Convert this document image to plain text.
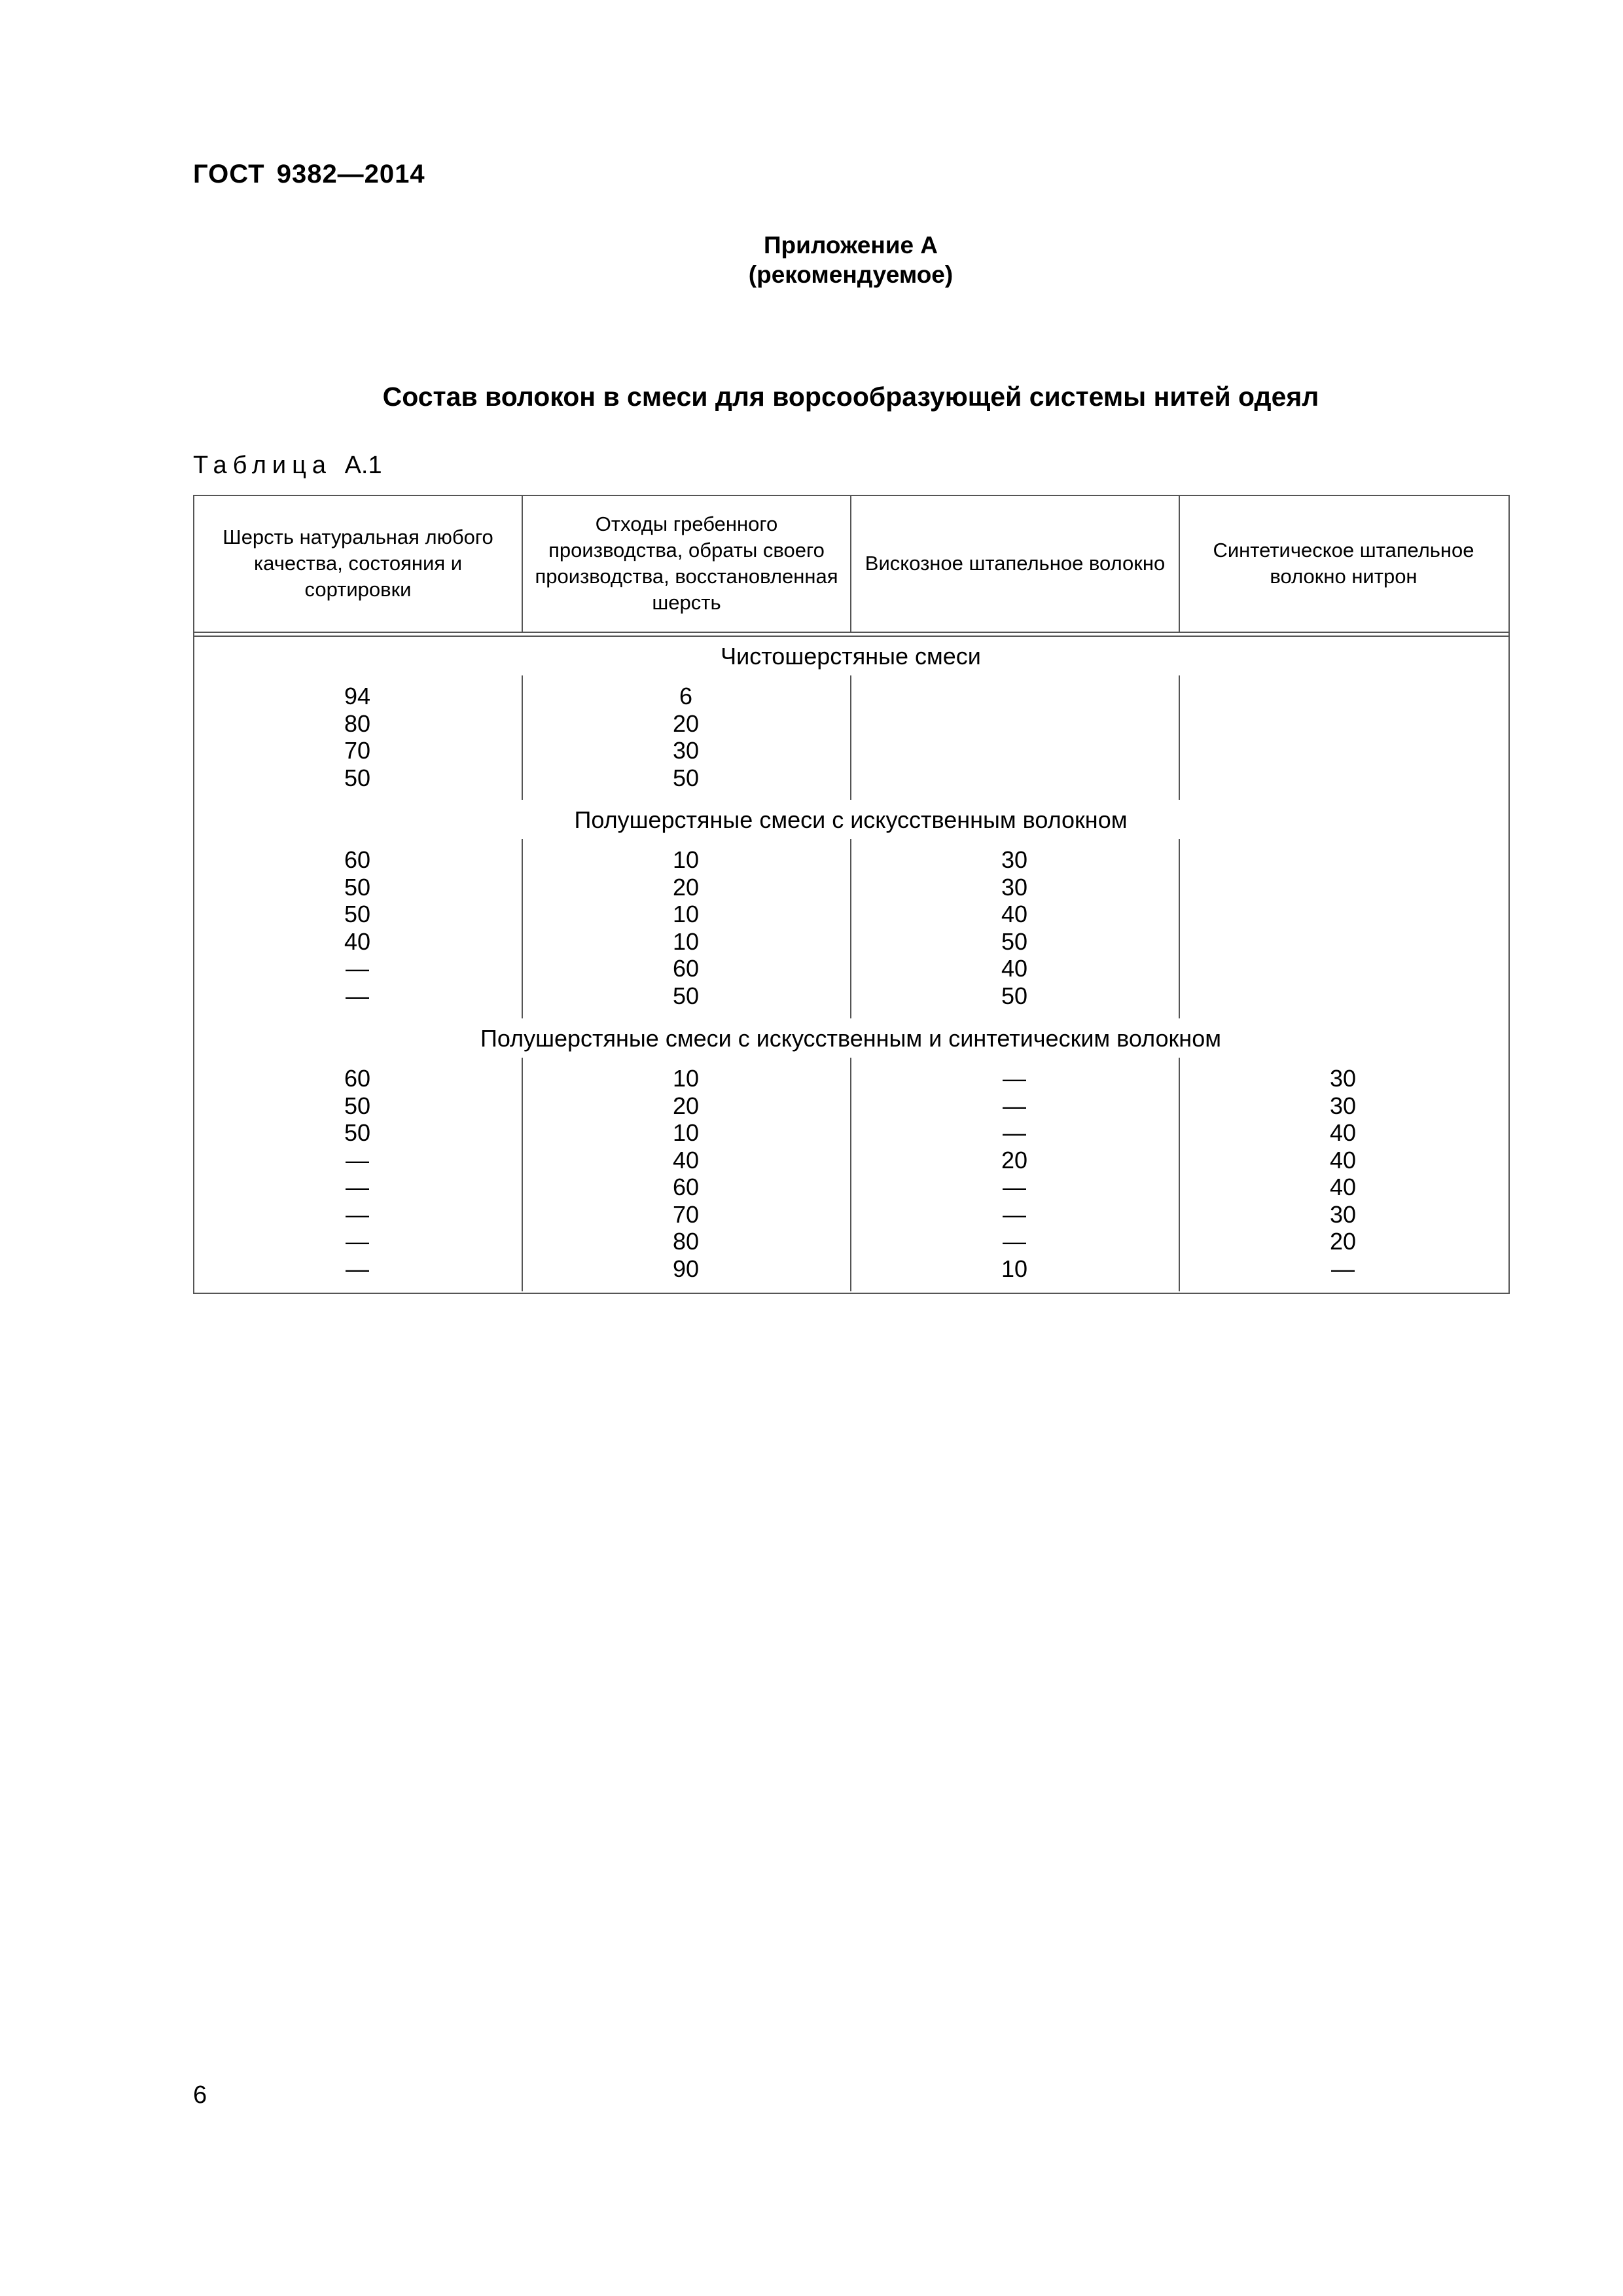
ГОСТ 9382—2014
Приложение А
(рекомендуемое)
Состав волокон в смеси для ворсообразующей системы нитей одеял
Таблица А.1
Шерсть натуральная любого качества, состояния и сортировки
Отходы гребенного производства, обраты своего производства, восстановленная шерсть
Вискозное штапельное волокно
Синтетическое штапельное волокно нитрон
Чистошерстяные смеси
94
80
70
50
6
20
30
50
Полушерстяные смеси с искусственным волокном
60
50
50
40
—
—
10
20
10
10
60
50
30
30
40
50
40
50
Полушерстяные смеси с искусственным и синтетическим волокном
60
50
50
—
—
—
—
—
10
20
10
40
60
70
80
90
—
—
—
20
—
—
—
10
30
30
40
40
40
30
20
—
6
